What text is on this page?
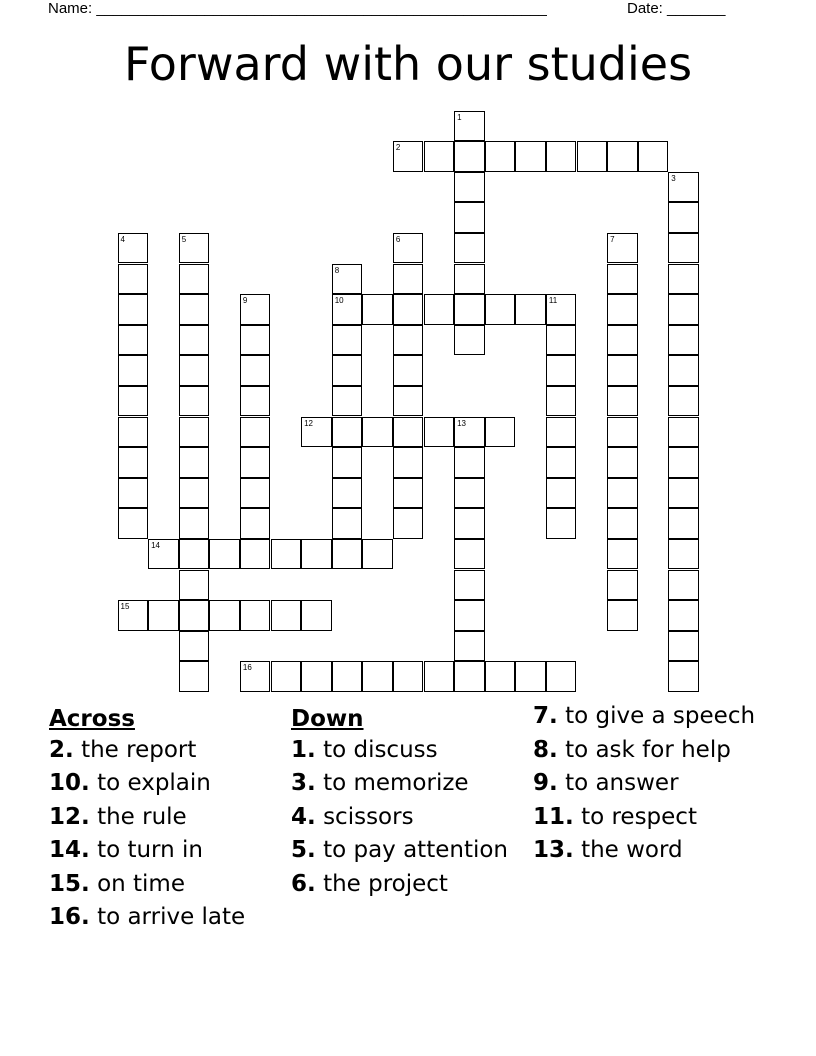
Name: ______________________________________________________	Date: _______
Forward with our studies
1
2
3
4	5	6	7
8
10
9	11
12	13
14
15
16
Across
2. the report
10. to explain
12. the rule
14. to turn in
15. on time
16. to arrive late
Down
1. to discuss
3. to memorize
4. scissors
5. to pay attention
6. the project
7. to give a speech
8. to ask for help
9. to answer
11. to respect
13. the word
